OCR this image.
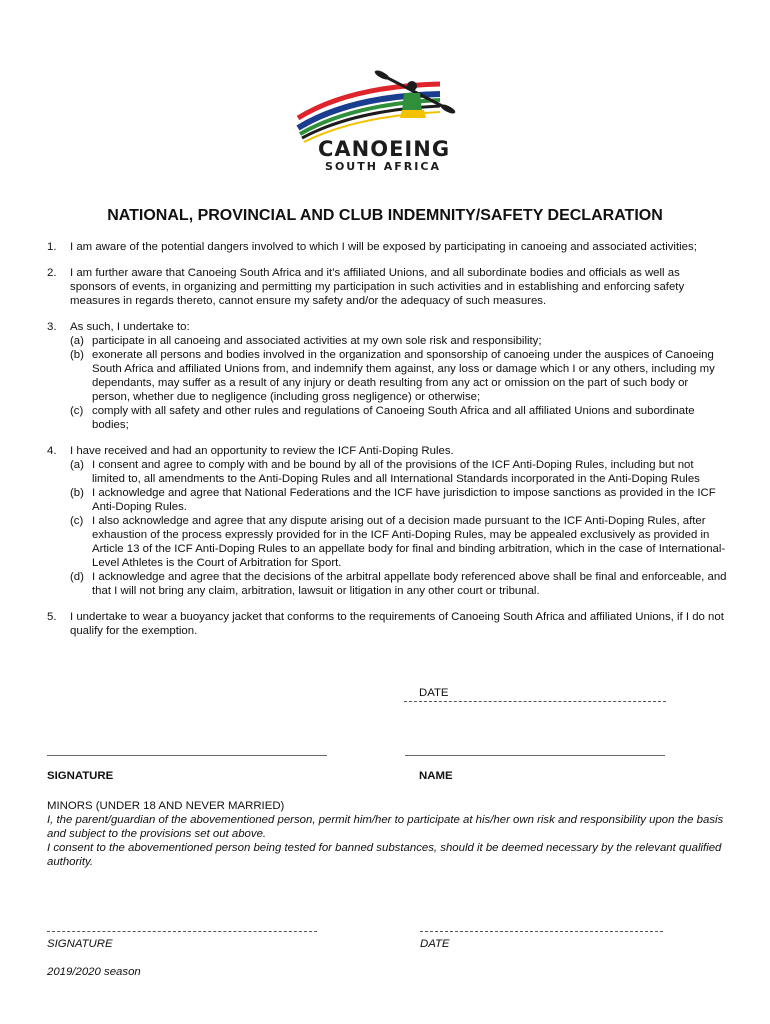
CANOEING
SOUTH AFRICA
NATIONAL, PROVINCIAL AND CLUB INDEMNITY/SAFETY DECLARATION
1. I am aware of the potential dangers involved to which I will be exposed by participating in canoeing and associated activities;
2. I am further aware that Canoeing South Africa and it’s affiliated Unions, and all subordinate bodies and officials as well as sponsors of events, in organizing and permitting my participation in such activities and in establishing and enforcing safety measures in regards thereto, cannot ensure my safety and/or the adequacy of such measures.
3. As such, I undertake to:
(a) participate in all canoeing and associated activities at my own sole risk and responsibility;
(b) exonerate all persons and bodies involved in the organization and sponsorship of canoeing under the auspices of Canoeing South Africa and affiliated Unions from, and indemnify them against, any loss or damage which I or any others, including my dependants, may suffer as a result of any injury or death resulting from any act or omission on the part of such body or person, whether due to negligence (including gross negligence) or otherwise;
(c) comply with all safety and other rules and regulations of Canoeing South Africa and all affiliated Unions and subordinate bodies;
4. I have received and had an opportunity to review the ICF Anti-Doping Rules.
(a) I consent and agree to comply with and be bound by all of the provisions of the ICF Anti-Doping Rules, including but not limited to, all amendments to the Anti-Doping Rules and all International Standards incorporated in the Anti-Doping Rules
(b) I acknowledge and agree that National Federations and the ICF have jurisdiction to impose sanctions as provided in the ICF Anti-Doping Rules.
(c) I also acknowledge and agree that any dispute arising out of a decision made pursuant to the ICF Anti-Doping Rules, after exhaustion of the process expressly provided for in the ICF Anti-Doping Rules, may be appealed exclusively as provided in Article 13 of the ICF Anti-Doping Rules to an appellate body for final and binding arbitration, which in the case of International-Level Athletes is the Court of Arbitration for Sport.
(d) I acknowledge and agree that the decisions of the arbitral appellate body referenced above shall be final and enforceable, and that I will not bring any claim, arbitration, lawsuit or litigation in any other court or tribunal.
5. I undertake to wear a buoyancy jacket that conforms to the requirements of Canoeing South Africa and affiliated Unions, if I do not qualify for the exemption.
DATE
SIGNATURE	NAME
MINORS (UNDER 18 AND NEVER MARRIED)
I, the parent/guardian of the abovementioned person, permit him/her to participate at his/her own risk and responsibility upon the basis and subject to the provisions set out above.
I consent to the abovementioned person being tested for banned substances, should it be deemed necessary by the relevant qualified authority.
SIGNATURE	DATE
2019/2020 season
